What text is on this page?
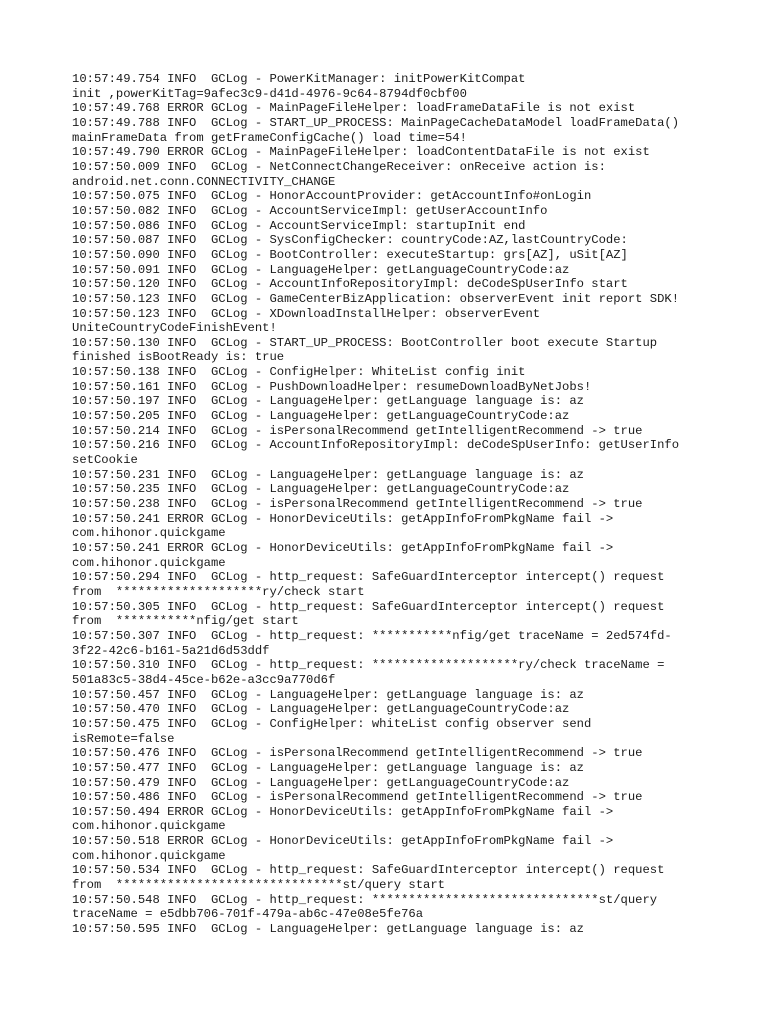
10:57:49.754 INFO  GCLog - PowerKitManager: initPowerKitCompat
init ,powerKitTag=9afec3c9-d41d-4976-9c64-8794df0cbf00
10:57:49.768 ERROR GCLog - MainPageFileHelper: loadFrameDataFile is not exist
10:57:49.788 INFO  GCLog - START_UP_PROCESS: MainPageCacheDataModel loadFrameData()
mainFrameData from getFrameConfigCache() load time=54!
10:57:49.790 ERROR GCLog - MainPageFileHelper: loadContentDataFile is not exist
10:57:50.009 INFO  GCLog - NetConnectChangeReceiver: onReceive action is:
android.net.conn.CONNECTIVITY_CHANGE
10:57:50.075 INFO  GCLog - HonorAccountProvider: getAccountInfo#onLogin
10:57:50.082 INFO  GCLog - AccountServiceImpl: getUserAccountInfo
10:57:50.086 INFO  GCLog - AccountServiceImpl: startupInit end
10:57:50.087 INFO  GCLog - SysConfigChecker: countryCode:AZ,lastCountryCode:
10:57:50.090 INFO  GCLog - BootController: executeStartup: grs[AZ], uSit[AZ]
10:57:50.091 INFO  GCLog - LanguageHelper: getLanguageCountryCode:az
10:57:50.120 INFO  GCLog - AccountInfoRepositoryImpl: deCodeSpUserInfo start
10:57:50.123 INFO  GCLog - GameCenterBizApplication: observerEvent init report SDK!
10:57:50.123 INFO  GCLog - XDownloadInstallHelper: observerEvent
UniteCountryCodeFinishEvent!
10:57:50.130 INFO  GCLog - START_UP_PROCESS: BootController boot execute Startup
finished isBootReady is: true
10:57:50.138 INFO  GCLog - ConfigHelper: WhiteList config init
10:57:50.161 INFO  GCLog - PushDownloadHelper: resumeDownloadByNetJobs!
10:57:50.197 INFO  GCLog - LanguageHelper: getLanguage language is: az
10:57:50.205 INFO  GCLog - LanguageHelper: getLanguageCountryCode:az
10:57:50.214 INFO  GCLog - isPersonalRecommend getIntelligentRecommend -> true
10:57:50.216 INFO  GCLog - AccountInfoRepositoryImpl: deCodeSpUserInfo: getUserInfo
setCookie
10:57:50.231 INFO  GCLog - LanguageHelper: getLanguage language is: az
10:57:50.235 INFO  GCLog - LanguageHelper: getLanguageCountryCode:az
10:57:50.238 INFO  GCLog - isPersonalRecommend getIntelligentRecommend -> true
10:57:50.241 ERROR GCLog - HonorDeviceUtils: getAppInfoFromPkgName fail ->
com.hihonor.quickgame
10:57:50.241 ERROR GCLog - HonorDeviceUtils: getAppInfoFromPkgName fail ->
com.hihonor.quickgame
10:57:50.294 INFO  GCLog - http_request: SafeGuardInterceptor intercept() request
from  ********************ry/check start
10:57:50.305 INFO  GCLog - http_request: SafeGuardInterceptor intercept() request
from  ***********nfig/get start
10:57:50.307 INFO  GCLog - http_request: ***********nfig/get traceName = 2ed574fd-
3f22-42c6-b161-5a21d6d53ddf
10:57:50.310 INFO  GCLog - http_request: ********************ry/check traceName =
501a83c5-38d4-45ce-b62e-a3cc9a770d6f
10:57:50.457 INFO  GCLog - LanguageHelper: getLanguage language is: az
10:57:50.470 INFO  GCLog - LanguageHelper: getLanguageCountryCode:az
10:57:50.475 INFO  GCLog - ConfigHelper: whiteList config observer send
isRemote=false
10:57:50.476 INFO  GCLog - isPersonalRecommend getIntelligentRecommend -> true
10:57:50.477 INFO  GCLog - LanguageHelper: getLanguage language is: az
10:57:50.479 INFO  GCLog - LanguageHelper: getLanguageCountryCode:az
10:57:50.486 INFO  GCLog - isPersonalRecommend getIntelligentRecommend -> true
10:57:50.494 ERROR GCLog - HonorDeviceUtils: getAppInfoFromPkgName fail ->
com.hihonor.quickgame
10:57:50.518 ERROR GCLog - HonorDeviceUtils: getAppInfoFromPkgName fail ->
com.hihonor.quickgame
10:57:50.534 INFO  GCLog - http_request: SafeGuardInterceptor intercept() request
from  *******************************st/query start
10:57:50.548 INFO  GCLog - http_request: *******************************st/query
traceName = e5dbb706-701f-479a-ab6c-47e08e5fe76a
10:57:50.595 INFO  GCLog - LanguageHelper: getLanguage language is: az
